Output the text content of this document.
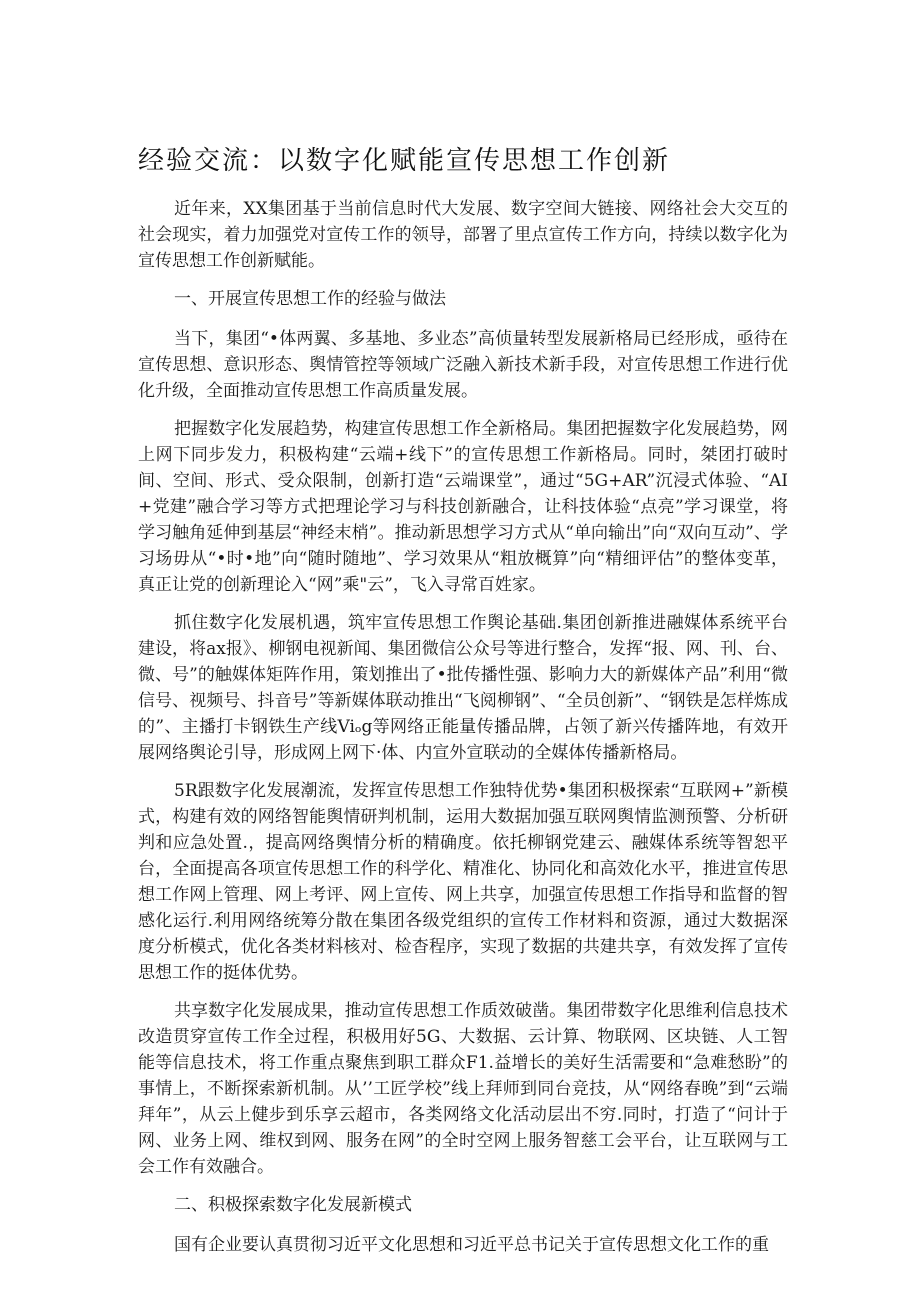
经验交流：以数字化赋能宣传思想工作创新

近年来，XX集团基于当前信息时代大发展、数字空间大链接、网络社会大交互的社会现实，着力加强党对宣传工作的领导，部署了里点宣传工作方向，持续以数字化为宣传思想工作创新赋能。

一、开展宣传思想工作的经验与做法

当下，集团“•体两翼、多基地、多业态”高侦量转型发展新格局已经形成，亟待在宣传思想、意识形态、舆情管控等领域广泛融入新技术新手段，对宣传思想工作进行优化升级，全面推动宣传思想工作高质量发展。

把握数字化发展趋势，构建宣传思想工作全新格局。集团把握数字化发展趋势，网上网下同步发力，积极构建“云端+线下”的宣传思想工作新格局。同时，桀团打破时间、空间、形式、受众限制，创新打造“云端课堂”，通过“5G+AR”沉浸式体验、“AI+党建”融合学习等方式把理论学习与科技创新融合，让科技体验“点亮”学习课堂，将学习触角延伸到基层“神经末梢”。推动新思想学习方式从“单向输出”向“双向互动”、学习场毋从“•时•地”向“随时随地”、学习效果从“粗放概算”向“精细评估”的整体变革，真正让党的创新理论入“网”乘"云”，飞入寻常百姓家。

抓住数字化发展机遇，筑牢宣传思想工作舆论基础.集团创新推进融媒体系统平台建设，将ax报》、柳钢电视新闻、集团微信公众号等进行整合，发挥“报、网、刊、台、微、号”的触媒体矩阵作用，策划推出了•批传播性强、影响力大的新媒体产品”利用“微信号、视频号、抖音号”等新媒体联动推出“飞阅柳钢”、“全员创新”、“钢铁是怎样炼成的”、主播打卡钢铁生产线Viₒg等网络正能量传播品牌，占领了新兴传播阵地，有效开展网络舆论引导，形成网上网下·体、内宣外宣联动的全媒体传播新格局。

5R跟数字化发展潮流，发挥宣传思想工作独特优势•集团积极探索“互联网+”新模式，构建有效的网络智能舆情研判机制，运用大数据加强互联网舆情监测预警、分析研判和应急处置.，提高网络舆情分析的精确度。依托柳钢党建云、融媒体系统等智恕平台，全面提高各项宣传思想工作的科学化、精准化、协同化和高效化水平，推进宣传思想工作网上管理、网上考评、网上宣传、网上共享，加强宣传思想工作指导和监督的智感化运行.利用网络统筹分散在集团各级党组织的宣传工作材料和资源，通过大数据深度分析模式，优化各类材料核对、检杳程序，实现了数据的共建共享，有效发挥了宣传思想工作的挺体优势。

共享数字化发展成果，推动宣传思想工作质效破凿。集团带数字化思维利信息技术改造贯穿宣传工作全过程，积极用好5G、大数据、云计算、物联网、区块链、人工智能等信息技术，将工作重点聚焦到职工群众F1.益增长的美好生活需要和“急难愁盼”的事情上，不断探索新机制。从’’工匠学校”线上拜师到同台竞技，从“网络春晚”到“云端拜年”，从云上健步到乐享云超市，各类网络文化活动层出不穷.同时，打造了“问计于网、业务上网、维权到网、服务在网”的全时空网上服务智慈工会平台，让互联网与工会工作有效融合。

二、积极探索数字化发展新模式

国有企业要认真贯彻习近平文化思想和习近平总书记关于宣传思想文化工作的重
